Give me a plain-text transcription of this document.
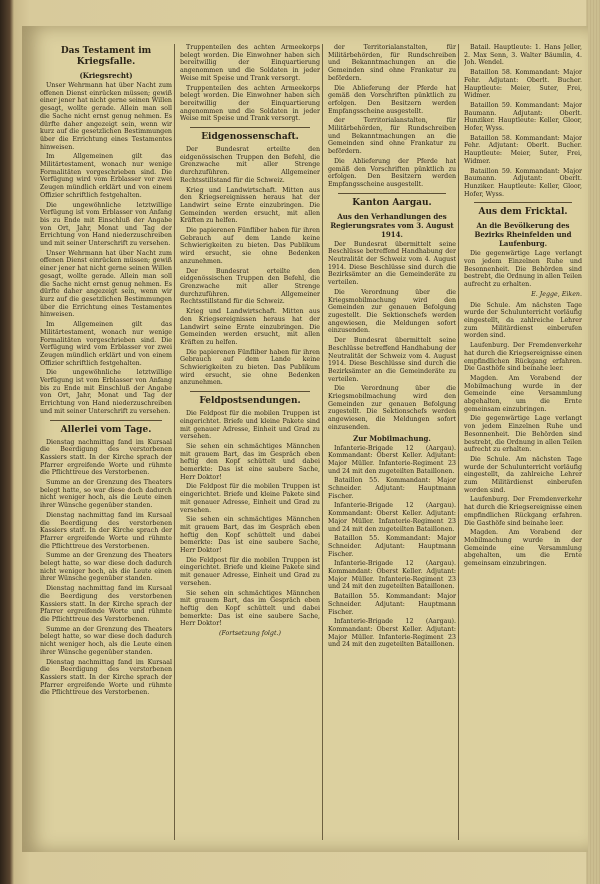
Das Testament im Kriegsfalle.
(Kriegsrecht)

Unser Wehrmann hat über Nacht zum offenen Dienst einrücken müssen; gewiß einer jener hat nicht gerne seinen Willen gesagt, wollte gerade. Allein man soll die Sache nicht ernst genug nehmen. Es dürfte daher angezeigt sein, wenn wir kurz auf die gesetzlichen Bestimmungen über die Errichtung eines Testamentes hinweisen.

Im Allgemeinen gilt das Militärtestament, wonach nur wenige Formalitäten vorgeschrieben sind. Die Verfügung wird vom Erblasser vor zwei Zeugen mündlich erklärt und von einem Offizier schriftlich festgehalten.

Die ungewöhnliche letztwillige Verfügung ist vom Erblasser von Anfang bis zu Ende mit Einschluß der Angabe von Ort, Jahr, Monat und Tag der Errichtung von Hand niederzuschreiben und mit seiner Unterschrift zu versehen.

Unser Wehrmann hat über Nacht zum offenen Dienst einrücken müssen; gewiß einer jener hat nicht gerne seinen Willen gesagt, wollte gerade. Allein man soll die Sache nicht ernst genug nehmen. Es dürfte daher angezeigt sein, wenn wir kurz auf die gesetzlichen Bestimmungen über die Errichtung eines Testamentes hinweisen.

Im Allgemeinen gilt das Militärtestament, wonach nur wenige Formalitäten vorgeschrieben sind. Die Verfügung wird vom Erblasser vor zwei Zeugen mündlich erklärt und von einem Offizier schriftlich festgehalten.

Die ungewöhnliche letztwillige Verfügung ist vom Erblasser von Anfang bis zu Ende mit Einschluß der Angabe von Ort, Jahr, Monat und Tag der Errichtung von Hand niederzuschreiben und mit seiner Unterschrift zu versehen.

Allerlei vom Tage.

Dienstag nachmittag fand im Kursaal die Beerdigung des verstorbenen Kassiers statt. In der Kirche sprach der Pfarrer ergreifende Worte und rühmte die Pflichttreue des Verstorbenen.

Summe an der Grenzung des Theaters belegt hatte, so war diese doch dadurch nicht weniger hoch, als die Leute einen ihrer Wünsche gegenüber standen.

Dienstag nachmittag fand im Kursaal die Beerdigung des verstorbenen Kassiers statt. In der Kirche sprach der Pfarrer ergreifende Worte und rühmte die Pflichttreue des Verstorbenen.

Summe an der Grenzung des Theaters belegt hatte, so war diese doch dadurch nicht weniger hoch, als die Leute einen ihrer Wünsche gegenüber standen.

Dienstag nachmittag fand im Kursaal die Beerdigung des verstorbenen Kassiers statt. In der Kirche sprach der Pfarrer ergreifende Worte und rühmte die Pflichttreue des Verstorbenen.

Summe an der Grenzung des Theaters belegt hatte, so war diese doch dadurch nicht weniger hoch, als die Leute einen ihrer Wünsche gegenüber standen.

Dienstag nachmittag fand im Kursaal die Beerdigung des verstorbenen Kassiers statt. In der Kirche sprach der Pfarrer ergreifende Worte und rühmte die Pflichttreue des Verstorbenen.

Truppenteilen des achten Armeekorps belegt worden. Die Einwohner haben sich bereitwillig der Einquartierung angenommen und die Soldaten in jeder Weise mit Speise und Trank versorgt.

Truppenteilen des achten Armeekorps belegt worden. Die Einwohner haben sich bereitwillig der Einquartierung angenommen und die Soldaten in jeder Weise mit Speise und Trank versorgt.

Eidgenossenschaft.

Der Bundesrat erteilte den eidgenössischen Truppen den Befehl, die Grenzwache mit aller Strenge durchzuführen. Allgemeiner Rechtsstillstand für die Schweiz.

Krieg und Landwirtschaft. Mitten aus den Kriegsereignissen heraus hat der Landwirt seine Ernte einzubringen. Die Gemeinden werden ersucht, mit allen Kräften zu helfen.

Die papierenen Fünfliber haben für ihren Gebrauch auf dem Lande keine Schwierigkeiten zu bieten. Das Publikum wird ersucht, sie ohne Bedenken anzunehmen.

Der Bundesrat erteilte den eidgenössischen Truppen den Befehl, die Grenzwache mit aller Strenge durchzuführen. Allgemeiner Rechtsstillstand für die Schweiz.

Krieg und Landwirtschaft. Mitten aus den Kriegsereignissen heraus hat der Landwirt seine Ernte einzubringen. Die Gemeinden werden ersucht, mit allen Kräften zu helfen.

Die papierenen Fünfliber haben für ihren Gebrauch auf dem Lande keine Schwierigkeiten zu bieten. Das Publikum wird ersucht, sie ohne Bedenken anzunehmen.

Feldpostsendungen.

Die Feldpost für die mobilen Truppen ist eingerichtet. Briefe und kleine Pakete sind mit genauer Adresse, Einheit und Grad zu versehen.

Sie sehen ein schmächtiges Männchen mit grauem Bart, das im Gespräch eben heftig den Kopf schüttelt und dabei bemerkte: Das ist eine saubere Sache, Herr Doktor!

Die Feldpost für die mobilen Truppen ist eingerichtet. Briefe und kleine Pakete sind mit genauer Adresse, Einheit und Grad zu versehen.

Sie sehen ein schmächtiges Männchen mit grauem Bart, das im Gespräch eben heftig den Kopf schüttelt und dabei bemerkte: Das ist eine saubere Sache, Herr Doktor!

Die Feldpost für die mobilen Truppen ist eingerichtet. Briefe und kleine Pakete sind mit genauer Adresse, Einheit und Grad zu versehen.

Sie sehen ein schmächtiges Männchen mit grauem Bart, das im Gespräch eben heftig den Kopf schüttelt und dabei bemerkte: Das ist eine saubere Sache, Herr Doktor!

(Fortsetzung folgt.)

der Territorialanstalten, für Militärbehörden, für Rundschreiben und Bekanntmachungen an die Gemeinden sind ohne Frankatur zu befördern.

Die Ablieferung der Pferde hat gemäß den Vorschriften pünktlich zu erfolgen. Den Besitzern werden Empfangsscheine ausgestellt.

der Territorialanstalten, für Militärbehörden, für Rundschreiben und Bekanntmachungen an die Gemeinden sind ohne Frankatur zu befördern.

Die Ablieferung der Pferde hat gemäß den Vorschriften pünktlich zu erfolgen. Den Besitzern werden Empfangsscheine ausgestellt.

Kanton Aargau.
Aus den Verhandlungen des Regierungsrates vom 3. August 1914.

Der Bundesrat übermittelt seine Beschlüsse betreffend Handhabung der Neutralität der Schweiz vom 4. August 1914. Diese Beschlüsse sind durch die Bezirksämter an die Gemeinderäte zu verteilen.

Die Verordnung über die Kriegsmobilmachung wird den Gemeinden zur genauen Befolgung zugestellt. Die Sektionschefs werden angewiesen, die Meldungen sofort einzusenden.

Der Bundesrat übermittelt seine Beschlüsse betreffend Handhabung der Neutralität der Schweiz vom 4. August 1914. Diese Beschlüsse sind durch die Bezirksämter an die Gemeinderäte zu verteilen.

Die Verordnung über die Kriegsmobilmachung wird den Gemeinden zur genauen Befolgung zugestellt. Die Sektionschefs werden angewiesen, die Meldungen sofort einzusenden.

Zur Mobilmachung.

Infanterie-Brigade 12 (Aargau). Kommandant: Oberst Keller. Adjutant: Major Müller. Infanterie-Regiment 23 und 24 mit den zugeteilten Bataillonen.

Bataillon 55. Kommandant: Major Schneider. Adjutant: Hauptmann Fischer.

Infanterie-Brigade 12 (Aargau). Kommandant: Oberst Keller. Adjutant: Major Müller. Infanterie-Regiment 23 und 24 mit den zugeteilten Bataillonen.

Bataillon 55. Kommandant: Major Schneider. Adjutant: Hauptmann Fischer.

Infanterie-Brigade 12 (Aargau). Kommandant: Oberst Keller. Adjutant: Major Müller. Infanterie-Regiment 23 und 24 mit den zugeteilten Bataillonen.

Bataillon 55. Kommandant: Major Schneider. Adjutant: Hauptmann Fischer.

Infanterie-Brigade 12 (Aargau). Kommandant: Oberst Keller. Adjutant: Major Müller. Infanterie-Regiment 23 und 24 mit den zugeteilten Bataillonen.

Batail. Hauptleute: 1. Hans Jeller, 2. Max Senn, 3. Walter Bäumlin, 4. Joh. Wendel.

Bataillon 58. Kommandant: Major Fehr. Adjutant: Oberlt. Bucher. Hauptleute: Meier, Suter, Frei, Widmer.

Bataillon 59. Kommandant: Major Baumann. Adjutant: Oberlt. Hunziker. Hauptleute: Keller, Gloor, Hofer, Wyss.

Bataillon 58. Kommandant: Major Fehr. Adjutant: Oberlt. Bucher. Hauptleute: Meier, Suter, Frei, Widmer.

Bataillon 59. Kommandant: Major Baumann. Adjutant: Oberlt. Hunziker. Hauptleute: Keller, Gloor, Hofer, Wyss.

Aus dem Fricktal.
An die Bevölkerung des Bezirks Rheinfelden und Laufenburg.

Die gegenwärtige Lage verlangt von jedem Einzelnen Ruhe und Besonnenheit. Die Behörden sind bestrebt, die Ordnung in allen Teilen aufrecht zu erhalten.

E. Jegge, Eiken.

Die Schule. Am nächsten Tage wurde der Schulunterricht vorläufig eingestellt, da zahlreiche Lehrer zum Militärdienst einberufen worden sind.

Laufenburg. Der Fremdenverkehr hat durch die Kriegsereignisse einen empfindlichen Rückgang erfahren. Die Gasthöfe sind beinahe leer.

Magden. Am Vorabend der Mobilmachung wurde in der Gemeinde eine Versammlung abgehalten, um die Ernte gemeinsam einzubringen.

Die gegenwärtige Lage verlangt von jedem Einzelnen Ruhe und Besonnenheit. Die Behörden sind bestrebt, die Ordnung in allen Teilen aufrecht zu erhalten.

Die Schule. Am nächsten Tage wurde der Schulunterricht vorläufig eingestellt, da zahlreiche Lehrer zum Militärdienst einberufen worden sind.

Laufenburg. Der Fremdenverkehr hat durch die Kriegsereignisse einen empfindlichen Rückgang erfahren. Die Gasthöfe sind beinahe leer.

Magden. Am Vorabend der Mobilmachung wurde in der Gemeinde eine Versammlung abgehalten, um die Ernte gemeinsam einzubringen.
